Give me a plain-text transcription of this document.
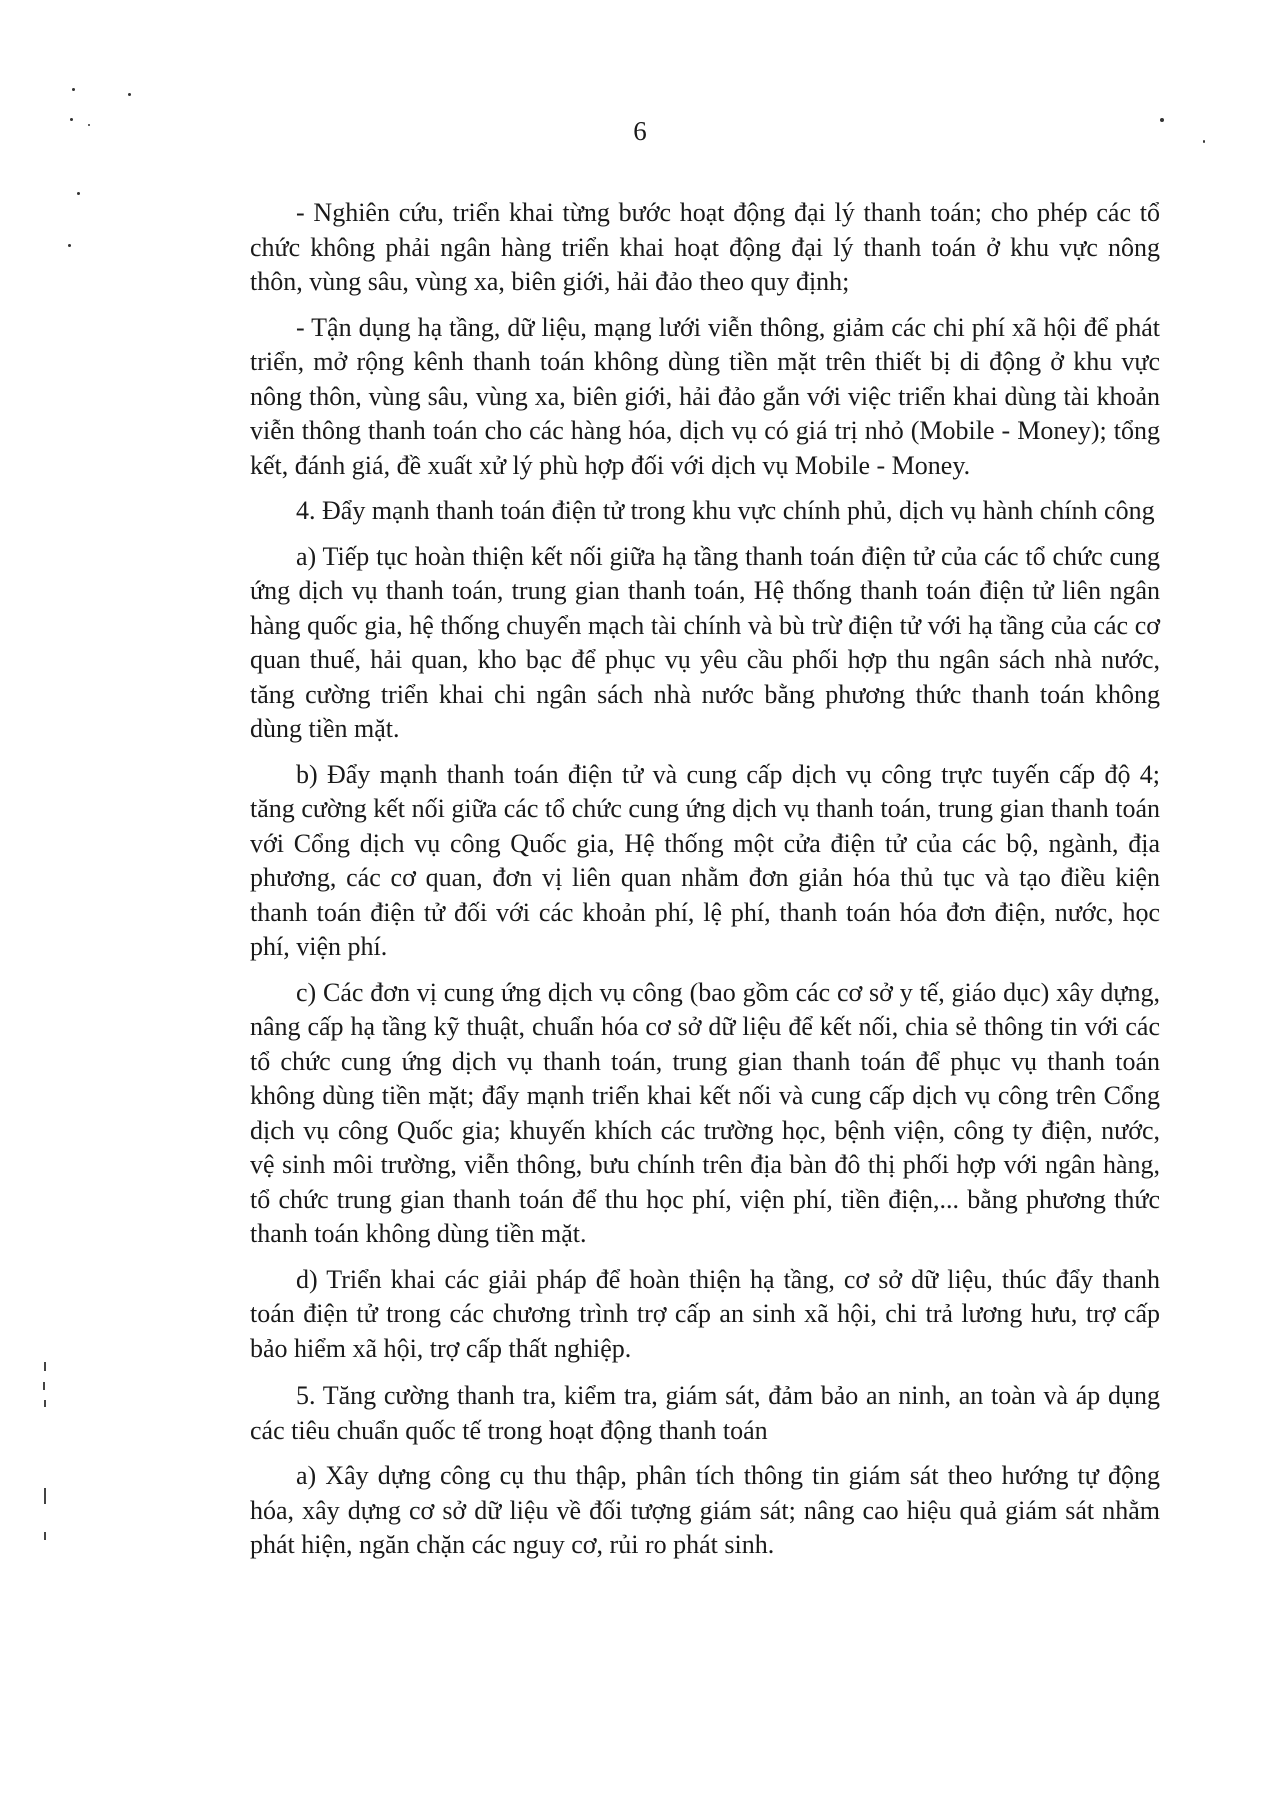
6

- Nghiên cứu, triển khai từng bước hoạt động đại lý thanh toán; cho phép các tổ chức không phải ngân hàng triển khai hoạt động đại lý thanh toán ở khu vực nông thôn, vùng sâu, vùng xa, biên giới, hải đảo theo quy định;

- Tận dụng hạ tầng, dữ liệu, mạng lưới viễn thông, giảm các chi phí xã hội để phát triển, mở rộng kênh thanh toán không dùng tiền mặt trên thiết bị di động ở khu vực nông thôn, vùng sâu, vùng xa, biên giới, hải đảo gắn với việc triển khai dùng tài khoản viễn thông thanh toán cho các hàng hóa, dịch vụ có giá trị nhỏ (Mobile - Money); tổng kết, đánh giá, đề xuất xử lý phù hợp đối với dịch vụ Mobile - Money.

4. Đẩy mạnh thanh toán điện tử trong khu vực chính phủ, dịch vụ hành chính công

a) Tiếp tục hoàn thiện kết nối giữa hạ tầng thanh toán điện tử của các tổ chức cung ứng dịch vụ thanh toán, trung gian thanh toán, Hệ thống thanh toán điện tử liên ngân hàng quốc gia, hệ thống chuyển mạch tài chính và bù trừ điện tử với hạ tầng của các cơ quan thuế, hải quan, kho bạc để phục vụ yêu cầu phối hợp thu ngân sách nhà nước, tăng cường triển khai chi ngân sách nhà nước bằng phương thức thanh toán không dùng tiền mặt.

b) Đẩy mạnh thanh toán điện tử và cung cấp dịch vụ công trực tuyến cấp độ 4; tăng cường kết nối giữa các tổ chức cung ứng dịch vụ thanh toán, trung gian thanh toán với Cổng dịch vụ công Quốc gia, Hệ thống một cửa điện tử của các bộ, ngành, địa phương, các cơ quan, đơn vị liên quan nhằm đơn giản hóa thủ tục và tạo điều kiện thanh toán điện tử đối với các khoản phí, lệ phí, thanh toán hóa đơn điện, nước, học phí, viện phí.

c) Các đơn vị cung ứng dịch vụ công (bao gồm các cơ sở y tế, giáo dục) xây dựng, nâng cấp hạ tầng kỹ thuật, chuẩn hóa cơ sở dữ liệu để kết nối, chia sẻ thông tin với các tổ chức cung ứng dịch vụ thanh toán, trung gian thanh toán để phục vụ thanh toán không dùng tiền mặt; đẩy mạnh triển khai kết nối và cung cấp dịch vụ công trên Cổng dịch vụ công Quốc gia; khuyến khích các trường học, bệnh viện, công ty điện, nước, vệ sinh môi trường, viễn thông, bưu chính trên địa bàn đô thị phối hợp với ngân hàng, tổ chức trung gian thanh toán để thu học phí, viện phí, tiền điện,... bằng phương thức thanh toán không dùng tiền mặt.

d) Triển khai các giải pháp để hoàn thiện hạ tầng, cơ sở dữ liệu, thúc đẩy thanh toán điện tử trong các chương trình trợ cấp an sinh xã hội, chi trả lương hưu, trợ cấp bảo hiểm xã hội, trợ cấp thất nghiệp.

5. Tăng cường thanh tra, kiểm tra, giám sát, đảm bảo an ninh, an toàn và áp dụng các tiêu chuẩn quốc tế trong hoạt động thanh toán

a) Xây dựng công cụ thu thập, phân tích thông tin giám sát theo hướng tự động hóa, xây dựng cơ sở dữ liệu về đối tượng giám sát; nâng cao hiệu quả giám sát nhằm phát hiện, ngăn chặn các nguy cơ, rủi ro phát sinh.
